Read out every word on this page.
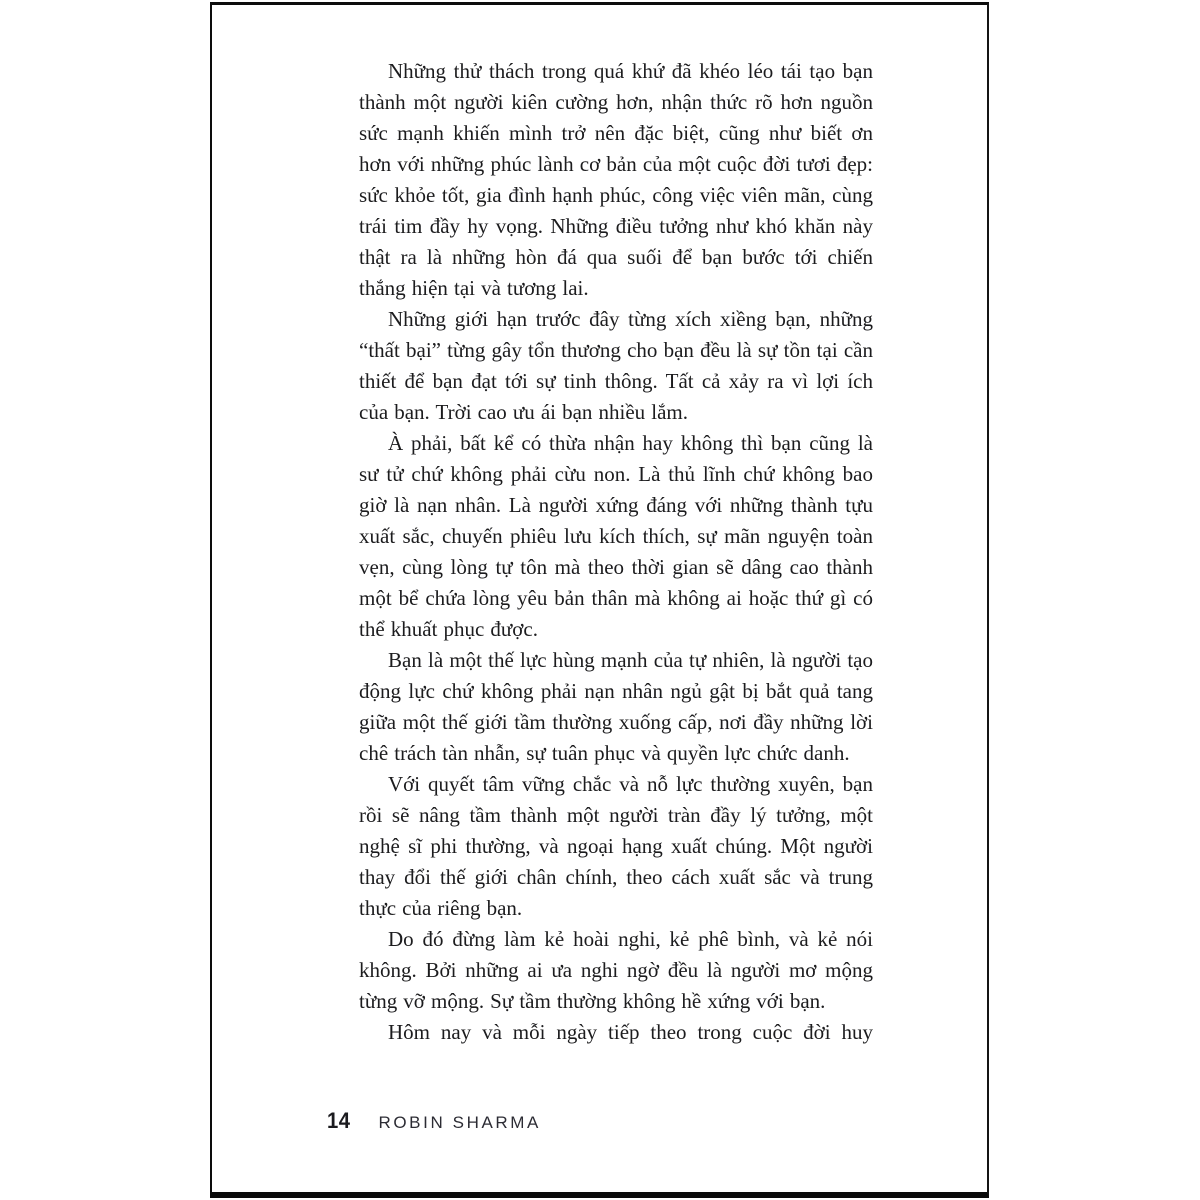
Những thử thách trong quá khứ đã khéo léo tái tạo bạn thành một người kiên cường hơn, nhận thức rõ hơn nguồn sức mạnh khiến mình trở nên đặc biệt, cũng như biết ơn hơn với những phúc lành cơ bản của một cuộc đời tươi đẹp: sức khỏe tốt, gia đình hạnh phúc, công việc viên mãn, cùng trái tim đầy hy vọng. Những điều tưởng như khó khăn này thật ra là những hòn đá qua suối để bạn bước tới chiến thắng hiện tại và tương lai.

Những giới hạn trước đây từng xích xiềng bạn, những “thất bại” từng gây tổn thương cho bạn đều là sự tồn tại cần thiết để bạn đạt tới sự tinh thông. Tất cả xảy ra vì lợi ích của bạn. Trời cao ưu ái bạn nhiều lắm.

À phải, bất kể có thừa nhận hay không thì bạn cũng là sư tử chứ không phải cừu non. Là thủ lĩnh chứ không bao giờ là nạn nhân. Là người xứng đáng với những thành tựu xuất sắc, chuyến phiêu lưu kích thích, sự mãn nguyện toàn vẹn, cùng lòng tự tôn mà theo thời gian sẽ dâng cao thành một bể chứa lòng yêu bản thân mà không ai hoặc thứ gì có thể khuất phục được.

Bạn là một thế lực hùng mạnh của tự nhiên, là người tạo động lực chứ không phải nạn nhân ngủ gật bị bắt quả tang giữa một thế giới tầm thường xuống cấp, nơi đầy những lời chê trách tàn nhẫn, sự tuân phục và quyền lực chức danh.

Với quyết tâm vững chắc và nỗ lực thường xuyên, bạn rồi sẽ nâng tầm thành một người tràn đầy lý tưởng, một nghệ sĩ phi thường, và ngoại hạng xuất chúng. Một người thay đổi thế giới chân chính, theo cách xuất sắc và trung thực của riêng bạn.

Do đó đừng làm kẻ hoài nghi, kẻ phê bình, và kẻ nói không. Bởi những ai ưa nghi ngờ đều là người mơ mộng từng vỡ mộng. Sự tầm thường không hề xứng với bạn.

Hôm nay và mỗi ngày tiếp theo trong cuộc đời huy

14 ROBIN SHARMA
